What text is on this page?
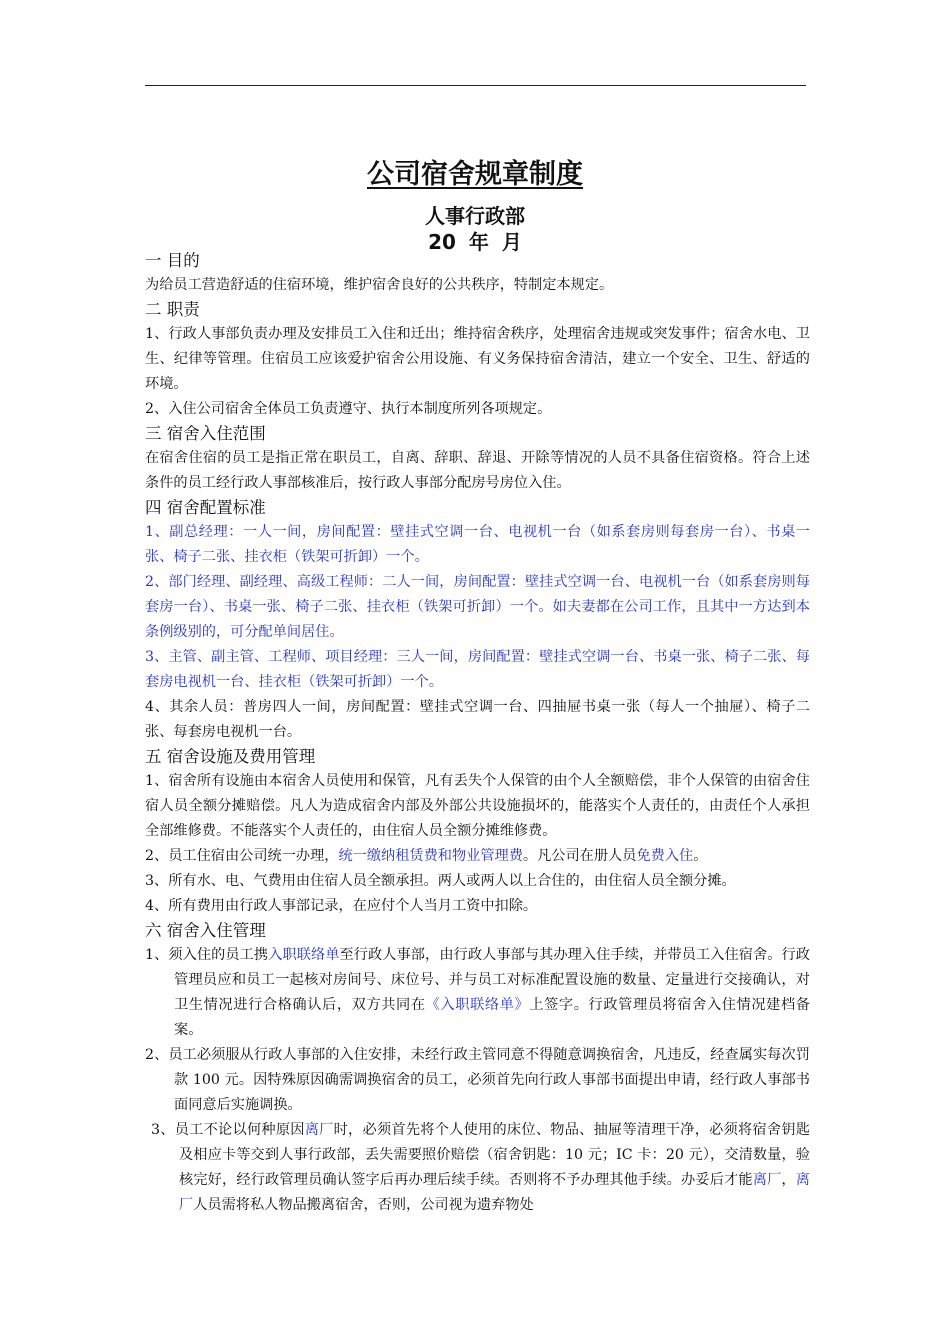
公司宿舍规章制度
人事行政部
20 年 月
一 目的

为给员工营造舒适的住宿环境，维护宿舍良好的公共秩序，特制定本规定。

二 职责

1、行政人事部负责办理及安排员工入住和迁出；维持宿舍秩序，处理宿舍违规或突发事件；宿舍水电、卫生、纪律等管理。住宿员工应该爱护宿舍公用设施、有义务保持宿舍清洁，建立一个安全、卫生、舒适的环境。

2、入住公司宿舍全体员工负责遵守、执行本制度所列各项规定。

三 宿舍入住范围

在宿舍住宿的员工是指正常在职员工，自离、辞职、辞退、开除等情况的人员不具备住宿资格。符合上述条件的员工经行政人事部核准后，按行政人事部分配房号房位入住。

四 宿舍配置标准

1、副总经理：一人一间，房间配置：壁挂式空调一台、电视机一台（如系套房则每套房一台）、书桌一张、椅子二张、挂衣柜（铁架可折卸）一个。

2、部门经理、副经理、高级工程师：二人一间，房间配置：壁挂式空调一台、电视机一台（如系套房则每套房一台）、书桌一张、椅子二张、挂衣柜（铁架可折卸）一个。如夫妻都在公司工作，且其中一方达到本条例级别的，可分配单间居住。

3、主管、副主管、工程师、项目经理：三人一间，房间配置：壁挂式空调一台、书桌一张、椅子二张、每套房电视机一台、挂衣柜（铁架可折卸）一个。

4、其余人员：普房四人一间，房间配置：壁挂式空调一台、四抽屉书桌一张（每人一个抽屉）、椅子二张、每套房电视机一台。

五 宿舍设施及费用管理

1、宿舍所有设施由本宿舍人员使用和保管，凡有丢失个人保管的由个人全额赔偿，非个人保管的由宿舍住宿人员全额分摊赔偿。凡人为造成宿舍内部及外部公共设施损坏的，能落实个人责任的，由责任个人承担全部维修费。不能落实个人责任的，由住宿人员全额分摊维修费。

2、员工住宿由公司统一办理，统一缴纳租赁费和物业管理费。凡公司在册人员免费入住。

3、所有水、电、气费用由住宿人员全额承担。两人或两人以上合住的，由住宿人员全额分摊。

4、所有费用由行政人事部记录，在应付个人当月工资中扣除。

六 宿舍入住管理

1、须入住的员工携入职联络单至行政人事部，由行政人事部与其办理入住手续，并带员工入住宿舍。行政管理员应和员工一起核对房间号、床位号、并与员工对标准配置设施的数量、定量进行交接确认，对卫生情况进行合格确认后，双方共同在《入职联络单》上签字。行政管理员将宿舍入住情况建档备案。

2、员工必须服从行政人事部的入住安排，未经行政主管同意不得随意调换宿舍，凡违反，经查属实每次罚款 100 元。因特殊原因确需调换宿舍的员工，必须首先向行政人事部书面提出申请，经行政人事部书面同意后实施调换。

3、员工不论以何种原因离厂时，必须首先将个人使用的床位、物品、抽屉等清理干净，必须将宿舍钥匙及相应卡等交到人事行政部，丢失需要照价赔偿（宿舍钥匙：10 元；IC 卡：20 元），交清数量，验核完好，经行政管理员确认签字后再办理后续手续。否则将不予办理其他手续。办妥后才能离厂，离厂人员需将私人物品搬离宿舍，否则，公司视为遗弃物处
